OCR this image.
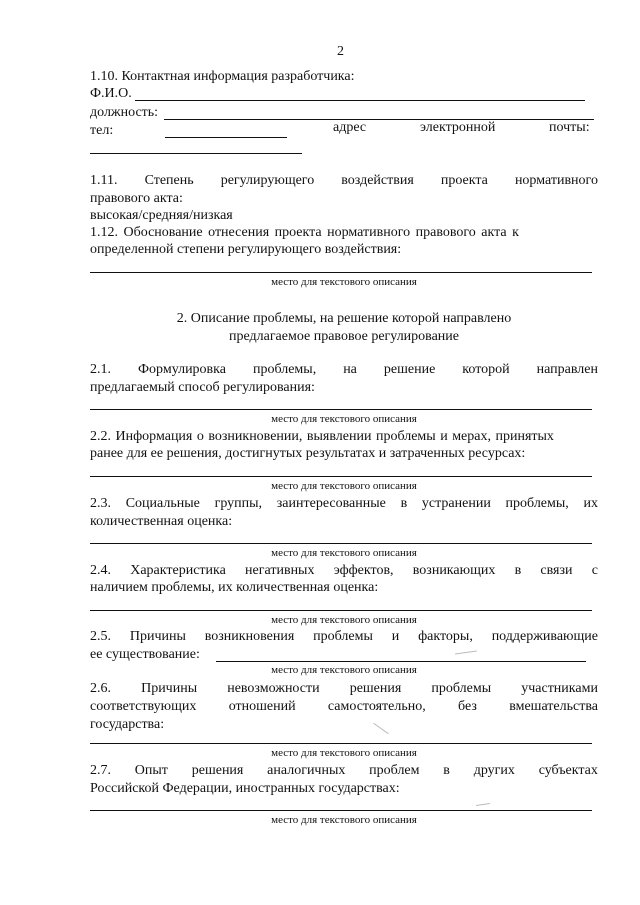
2
1.10. Контактная информация разработчика:
Ф.И.О.
должность:
тел:	адрес	электронной	почты:
1.11. Степень регулирующего воздействия проекта нормативного
правового акта:
высокая/средняя/низкая
1.12. Обоснование отнесения проекта нормативного правового акта к
определенной степени регулирующего воздействия:
место для текстового описания
2. Описание проблемы, на решение которой направлено
предлагаемое правовое регулирование
2.1. Формулировка проблемы, на решение которой направлен
предлагаемый способ регулирования:
место для текстового описания
2.2. Информация о возникновении, выявлении проблемы и мерах, принятых
ранее для ее решения, достигнутых результатах и затраченных ресурсах:
место для текстового описания
2.3. Социальные группы, заинтересованные в устранении проблемы, их
количественная оценка:
место для текстового описания
2.4. Характеристика негативных эффектов, возникающих в связи с
наличием проблемы, их количественная оценка:
место для текстового описания
2.5. Причины возникновения проблемы и факторы, поддерживающие
ее существование:
место для текстового описания
2.6. Причины невозможности решения проблемы участниками
соответствующих отношений самостоятельно, без вмешательства
государства:
место для текстового описания
2.7. Опыт решения аналогичных проблем в других субъектах
Российской Федерации, иностранных государствах:
место для текстового описания
